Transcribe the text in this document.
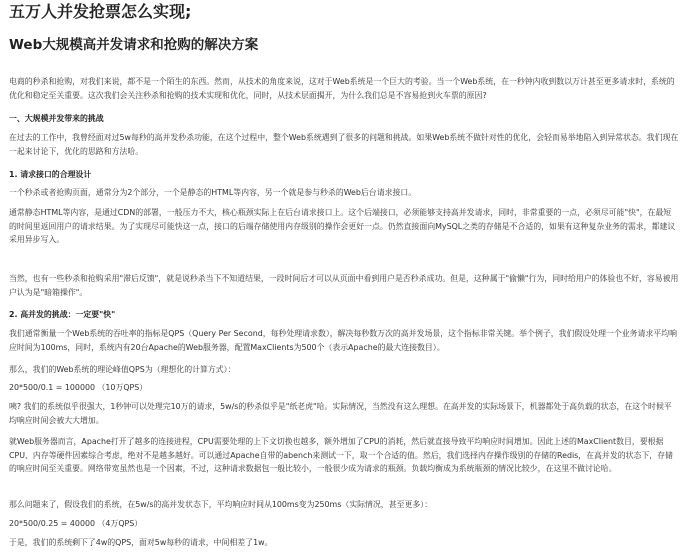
五万人并发抢票怎么实现;
Web大规模高并发请求和抢购的解决方案
电商的秒杀和抢购，对我们来说，都不是一个陌生的东西。然而，从技术的角度来说，这对于Web系统是一个巨大的考验。当一个Web系统，在一秒钟内收到数以万计甚至更多请求时，系统的优化和稳定至关重要。这次我们会关注秒杀和抢购的技术实现和优化，同时，从技术层面揭开，为什么我们总是不容易抢到火车票的原因?
一、大规模并发带来的挑战
在过去的工作中，我曾经面对过5w每秒的高并发秒杀功能，在这个过程中，整个Web系统遇到了很多的问题和挑战。如果Web系统不做针对性的优化，会轻而易举地陷入到异常状态。我们现在一起来讨论下，优化的思路和方法哈。
1. 请求接口的合理设计
一个秒杀或者抢购页面，通常分为2个部分，一个是静态的HTML等内容，另一个就是参与秒杀的Web后台请求接口。
通常静态HTML等内容，是通过CDN的部署，一般压力不大，核心瓶颈实际上在后台请求接口上。这个后端接口，必须能够支持高并发请求，同时，非常重要的一点，必须尽可能"快"，在最短的时间里返回用户的请求结果。为了实现尽可能快这一点，接口的后端存储使用内存级别的操作会更好一点。仍然直接面向MySQL之类的存储是不合适的，如果有这种复杂业务的需求，都建议采用异步写入。
当然，也有一些秒杀和抢购采用"滞后反馈"，就是说秒杀当下不知道结果，一段时间后才可以从页面中看到用户是否秒杀成功。但是，这种属于"偷懒"行为，同时给用户的体验也不好，容易被用户认为是"暗箱操作"。
2. 高并发的挑战：一定要"快"
我们通常衡量一个Web系统的吞吐率的指标是QPS（Query Per Second，每秒处理请求数），解决每秒数万次的高并发场景，这个指标非常关键。举个例子，我们假设处理一个业务请求平均响应时间为100ms，同时，系统内有20台Apache的Web服务器，配置MaxClients为500个（表示Apache的最大连接数目）。
那么，我们的Web系统的理论峰值QPS为（理想化的计算方式）：
20*500/0.1 = 100000 （10万QPS）
咦? 我们的系统似乎很强大，1秒钟可以处理完10万的请求，5w/s的秒杀似乎是"纸老虎"哈。实际情况，当然没有这么理想。在高并发的实际场景下，机器都处于高负载的状态，在这个时候平均响应时间会被大大增加。
就Web服务器而言，Apache打开了越多的连接进程，CPU需要处理的上下文切换也越多，额外增加了CPU的消耗，然后就直接导致平均响应时间增加。因此上述的MaxClient数目，要根据CPU、内存等硬件因素综合考虑，绝对不是越多越好。可以通过Apache自带的abench来测试一下，取一个合适的值。然后，我们选择内存操作级别的存储的Redis，在高并发的状态下，存储的响应时间至关重要。网络带宽虽然也是一个因素，不过，这种请求数据包一般比较小，一般很少成为请求的瓶颈。负载均衡成为系统瓶颈的情况比较少，在这里不做讨论哈。
那么问题来了，假设我们的系统，在5w/s的高并发状态下，平均响应时间从100ms变为250ms（实际情况，甚至更多）：
20*500/0.25 = 40000 （4万QPS）
于是，我们的系统剩下了4w的QPS，面对5w每秒的请求，中间相差了1w。
